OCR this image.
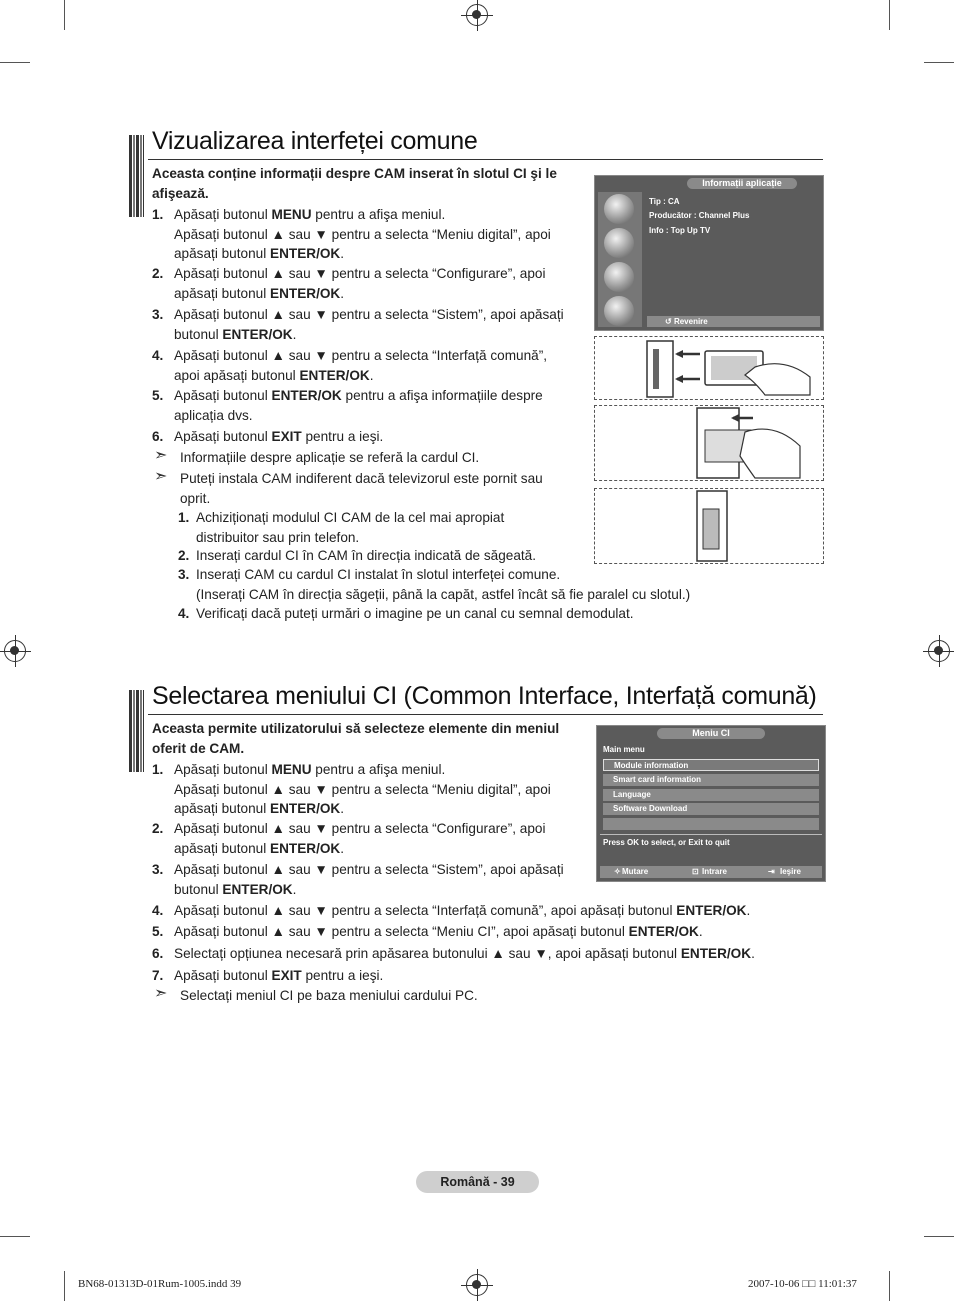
Vizualizarea interfeței comune
Aceasta conține informații despre CAM inserat în slotul CI şi le afişează.
1. Apăsați butonul MENU pentru a afişa meniul.
Apăsați butonul ▲ sau ▼ pentru a selecta “Meniu digital”, apoi
apăsați butonul ENTER/OK.
2. Apăsați butonul ▲ sau ▼ pentru a selecta “Configurare”, apoi
apăsați butonul ENTER/OK.
3. Apăsați butonul ▲ sau ▼ pentru a selecta “Sistem”, apoi apăsați
butonul ENTER/OK.
4. Apăsați butonul ▲ sau ▼ pentru a selecta “Interfață comună”,
apoi apăsați butonul ENTER/OK.
5. Apăsați butonul ENTER/OK pentru a afişa informațiile despre
aplicația dvs.
6. Apăsați butonul EXIT pentru a ieşi.
➣ Informațiile despre aplicație se referă la cardul CI.
➣ Puteți instala CAM indiferent dacă televizorul este pornit sau
oprit.
1. Achiziționați modulul CI CAM de la cel mai apropiat
distribuitor sau prin telefon.
2. Inserați cardul CI în CAM în direcția indicată de săgeată.
3. Inserați CAM cu cardul CI instalat în slotul interfeței comune.
(Inserați CAM în direcția săgeții, până la capăt, astfel încât să fie paralel cu slotul.)
4. Verificați dacă puteți urmări o imagine pe un canal cu semnal demodulat.
Informații aplicație
Tip : CA
Producător : Channel Plus
Info : Top Up TV
↺ Revenire
Selectarea meniului CI (Common Interface, Interfață comună)
Aceasta permite utilizatorului să selecteze elemente din meniul
oferit de CAM.
1. Apăsați butonul MENU pentru a afişa meniul.
Apăsați butonul ▲ sau ▼ pentru a selecta “Meniu digital”, apoi
apăsați butonul ENTER/OK.
2. Apăsați butonul ▲ sau ▼ pentru a selecta “Configurare”, apoi
apăsați butonul ENTER/OK.
3. Apăsați butonul ▲ sau ▼ pentru a selecta “Sistem”, apoi apăsați
butonul ENTER/OK.
4. Apăsați butonul ▲ sau ▼ pentru a selecta “Interfață comună”, apoi apăsați butonul ENTER/OK.
5. Apăsați butonul ▲ sau ▼ pentru a selecta “Meniu CI”, apoi apăsați butonul ENTER/OK.
6. Selectați opțiunea necesară prin apăsarea butonului ▲ sau ▼, apoi apăsați butonul ENTER/OK.
7. Apăsați butonul EXIT pentru a ieşi.
➣ Selectați meniul CI pe baza meniului cardului PC.
Meniu CI
Main menu
Module information
Smart card information
Language
Software Download
Press OK to select, or Exit to quit
✧ Mutare	⊡ Intrare	⇥ Ieşire
Română - 39
BN68-01313D-01Rum-1005.indd 39	2007-10-06 □□ 11:01:37
